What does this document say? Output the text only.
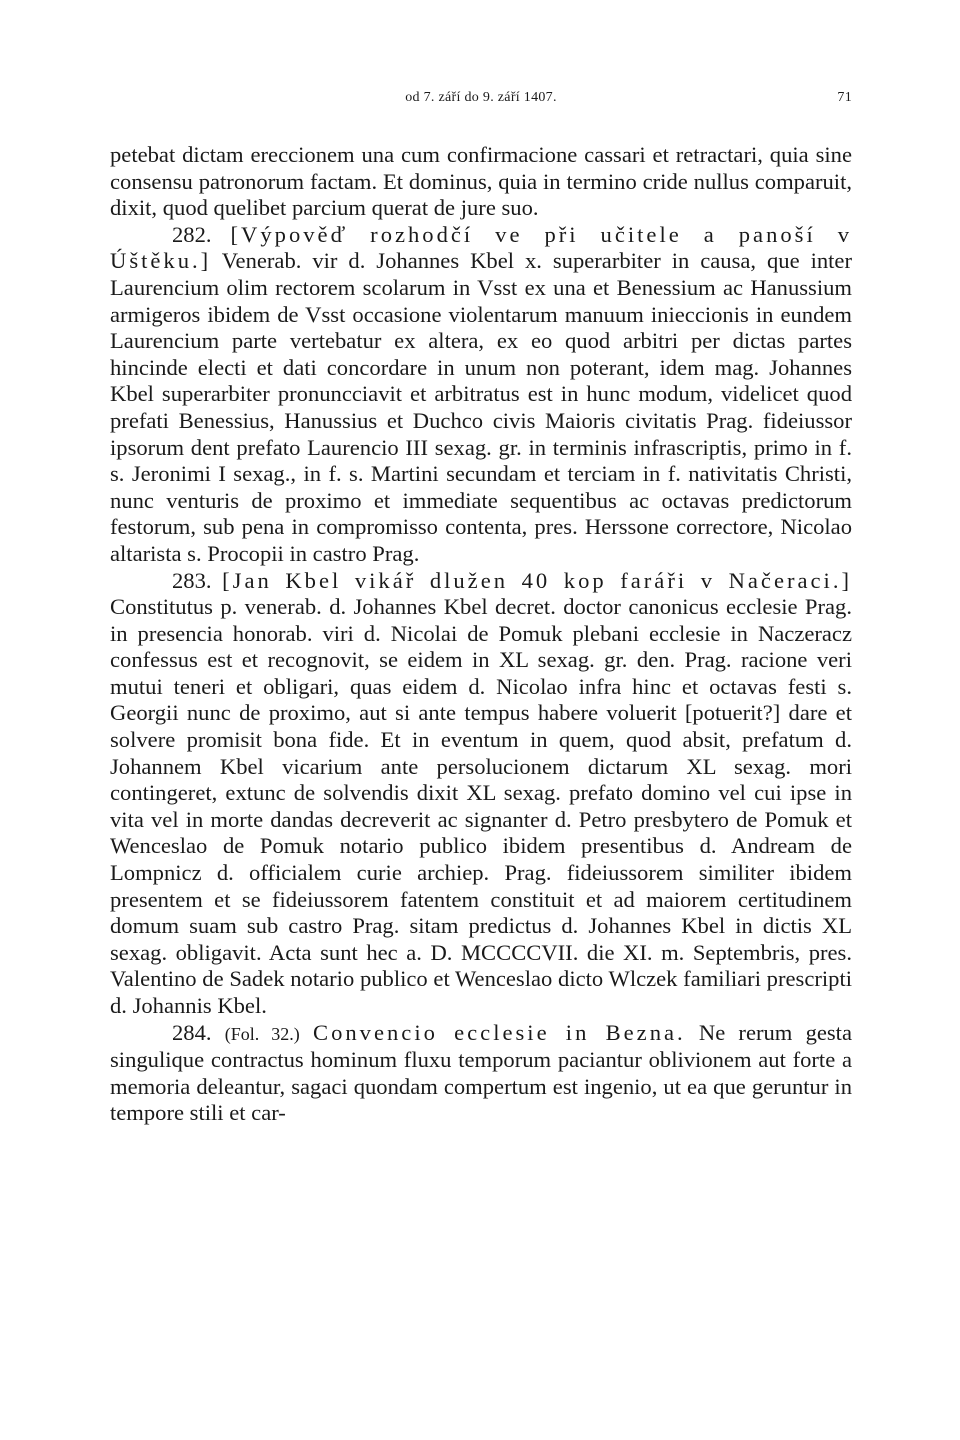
od 7. září do 9. září 1407.	71

petebat dictam ereccionem una cum confirmacione cassari et retractari, quia sine consensu patronorum factam. Et dominus, quia in termino cride nullus comparuit, dixit, quod quelibet parcium querat de jure suo.

282. [Výpověď rozhodčí ve při učitele a panoší v Úštěku.] Venerab. vir d. Johannes Kbel x. superarbiter in causa, que inter Laurencium olim rectorem scolarum in Vsst ex una et Benessium ac Hanussium armigeros ibidem de Vsst occasione violentarum manuum inieccionis in eundem Laurencium parte vertebatur ex altera, ex eo quod arbitri per dictas partes hincinde electi et dati concordare in unum non poterant, idem mag. Johannes Kbel superarbiter pronuncciavit et arbitratus est in hunc modum, videlicet quod prefati Benessius, Hanussius et Duchco civis Maioris civitatis Prag. fideiussor ipsorum dent prefato Laurencio III sexag. gr. in terminis infrascriptis, primo in f. s. Jeronimi I sexag., in f. s. Martini secundam et terciam in f. nativitatis Christi, nunc venturis de proximo et immediate sequentibus ac octavas predictorum festorum, sub pena in compromisso contenta, pres. Herssone correctore, Nicolao altarista s. Procopii in castro Prag.

283. [Jan Kbel vikář dlužen 40 kop faráři v Načeraci.] Constitutus p. venerab. d. Johannes Kbel decret. doctor canonicus ecclesie Prag. in presencia honorab. viri d. Nicolai de Pomuk plebani ecclesie in Naczeracz confessus est et recognovit, se eidem in XL sexag. gr. den. Prag. racione veri mutui teneri et obligari, quas eidem d. Nicolao infra hinc et octavas festi s. Georgii nunc de proximo, aut si ante tempus habere voluerit [potuerit?] dare et solvere promisit bona fide. Et in eventum in quem, quod absit, prefatum d. Johannem Kbel vicarium ante persolucionem dictarum XL sexag. mori contingeret, extunc de solvendis dixit XL sexag. prefato domino vel cui ipse in vita vel in morte dandas decreverit ac signanter d. Petro presbytero de Pomuk et Wenceslao de Pomuk notario publico ibidem presentibus d. Andream de Lompnicz d. officialem curie archiep. Prag. fideiussorem similiter ibidem presentem et se fideiussorem fatentem constituit et ad maiorem certitudinem domum suam sub castro Prag. sitam predictus d. Johannes Kbel in dictis XL sexag. obligavit. Acta sunt hec a. D. MCCCCVII. die XI. m. Septembris, pres. Valentino de Sadek notario publico et Wenceslao dicto Wlczek familiari prescripti d. Johannis Kbel.

284. (Fol. 32.) Convencio ecclesie in Bezna. Ne rerum gesta singulique contractus hominum fluxu temporum paciantur oblivionem aut forte a memoria deleantur, sagaci quondam compertum est ingenio, ut ea que geruntur in tempore stili et car-
